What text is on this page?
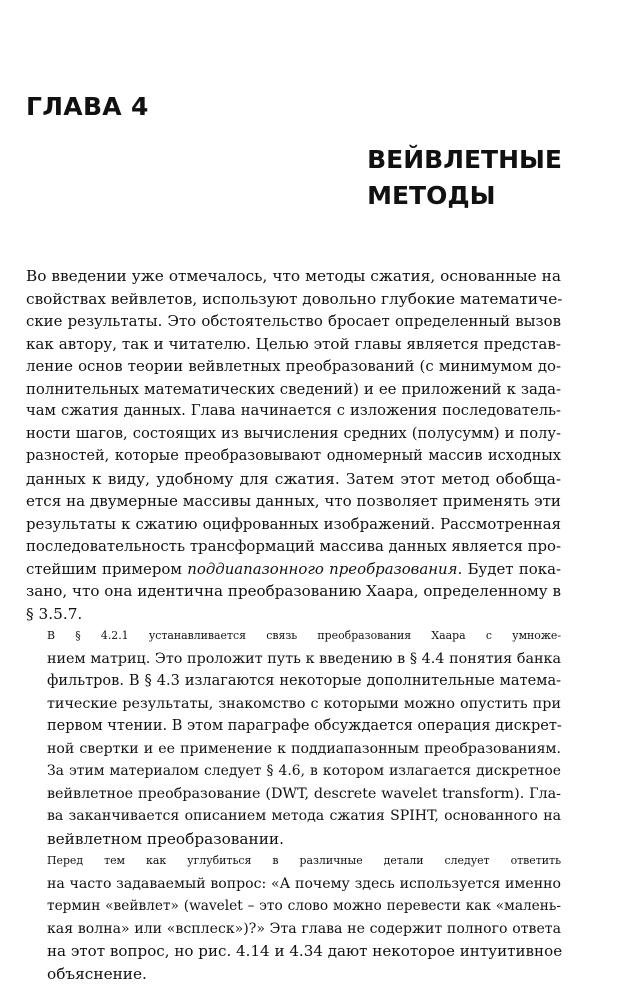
ГЛАВА 4
ВЕЙВЛЕТНЫЕ
МЕТОДЫ

Во введении уже отмечалось, что методы сжатия, основанные на
свойствах вейвлетов, используют довольно глубокие математиче-
ские результаты. Это обстоятельство бросает определенный вызов
как автору, так и читателю. Целью этой главы является представ-
ление основ теории вейвлетных преобразований (с минимумом до-
полнительных математических сведений) и ее приложений к зада-
чам сжатия данных. Глава начинается с изложения последователь-
ности шагов, состоящих из вычисления средних (полусумм) и полу-
разностей, которые преобразовывают одномерный массив исходных
данных к виду, удобному для сжатия. Затем этот метод обобща-
ется на двумерные массивы данных, что позволяет применять эти
результаты к сжатию оцифрованных изображений. Рассмотренная
последовательность трансформаций массива данных является про-
стейшим примером поддиапазонного преобразования. Будет пока-
зано, что она идентична преобразованию Хаара, определенному в
§ 3.5.7.

В § 4.2.1 устанавливается связь преобразования Хаара с умноже-
нием матриц. Это проложит путь к введению в § 4.4 понятия банка
фильтров. В § 4.3 излагаются некоторые дополнительные матема-
тические результаты, знакомство с которыми можно опустить при
первом чтении. В этом параграфе обсуждается операция дискрет-
ной свертки и ее применение к поддиапазонным преобразованиям.
За этим материалом следует § 4.6, в котором излагается дискретное
вейвлетное преобразование (DWT, descrete wavelet transform). Гла-
ва заканчивается описанием метода сжатия SPIHT, основанного на
вейвлетном преобразовании.

Перед тем как углубиться в различные детали следует ответить
на часто задаваемый вопрос: «А почему здесь используется именно
термин «вейвлет» (wavelet – это слово можно перевести как «малень-
кая волна» или «всплеск»)?» Эта глава не содержит полного ответа
на этот вопрос, но рис. 4.14 и 4.34 дают некоторое интуитивное
объяснение.
